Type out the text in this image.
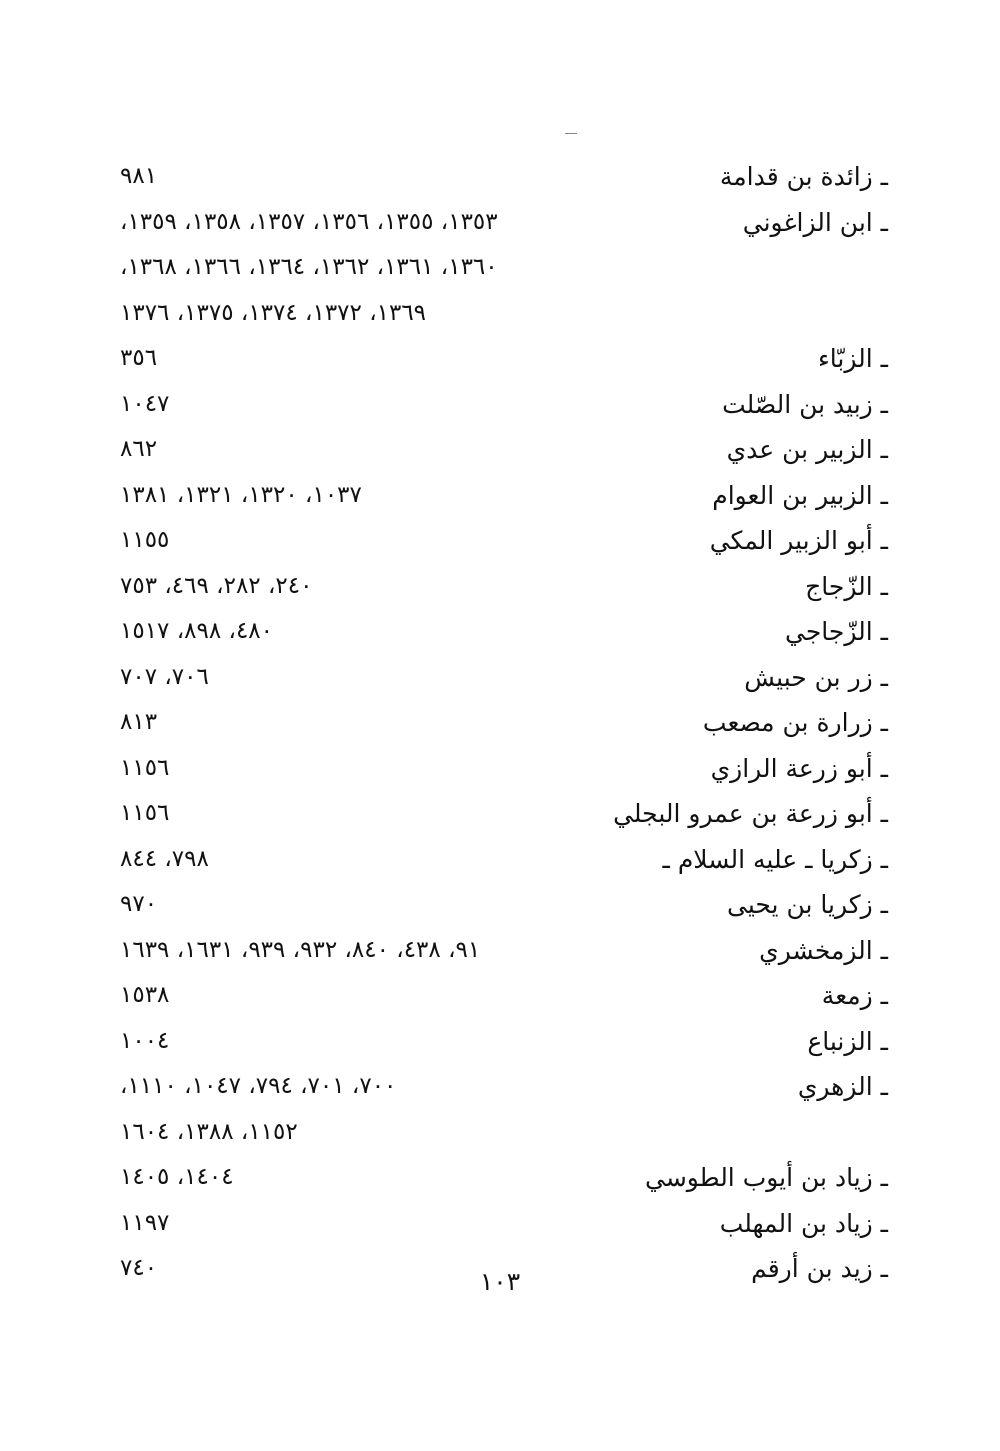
ـ زائدة بن قدامة
٩٨١
ـ ابن الزاغوني
١٣٥٣، ١٣٥٥، ١٣٥٦، ١٣٥٧، ١٣٥٨، ١٣٥٩،
١٣٦٠، ١٣٦١، ١٣٦٢، ١٣٦٤، ١٣٦٦، ١٣٦٨،
١٣٦٩، ١٣٧٢، ١٣٧٤، ١٣٧٥، ١٣٧٦
ـ الزبّاء
٣٥٦
ـ زبيد بن الصّلت
١٠٤٧
ـ الزبير بن عدي
٨٦٢
ـ الزبير بن العوام
١٠٣٧، ١٣٢٠، ١٣٢١، ١٣٨١
ـ أبو الزبير المكي
١١٥٥
ـ الزّجاج
٢٤٠، ٢٨٢، ٤٦٩، ٧٥٣
ـ الزّجاجي
٤٨٠، ٨٩٨، ١٥١٧
ـ زر بن حبيش
٧٠٦، ٧٠٧
ـ زرارة بن مصعب
٨١٣
ـ أبو زرعة الرازي
١١٥٦
ـ أبو زرعة بن عمرو البجلي
١١٥٦
ـ زكريا ـ عليه السلام ـ
٧٩٨، ٨٤٤
ـ زكريا بن يحيى
٩٧٠
ـ الزمخشري
٩١، ٤٣٨، ٨٤٠، ٩٣٢، ٩٣٩، ١٦٣١، ١٦٣٩
ـ زمعة
١٥٣٨
ـ الزنباع
١٠٠٤
ـ الزهري
٧٠٠، ٧٠١، ٧٩٤، ١٠٤٧، ١١١٠،
١١٥٢، ١٣٨٨، ١٦٠٤
ـ زياد بن أيوب الطوسي
١٤٠٤، ١٤٠٥
ـ زياد بن المهلب
١١٩٧
ـ زيد بن أرقم
٧٤٠	١٠٣
